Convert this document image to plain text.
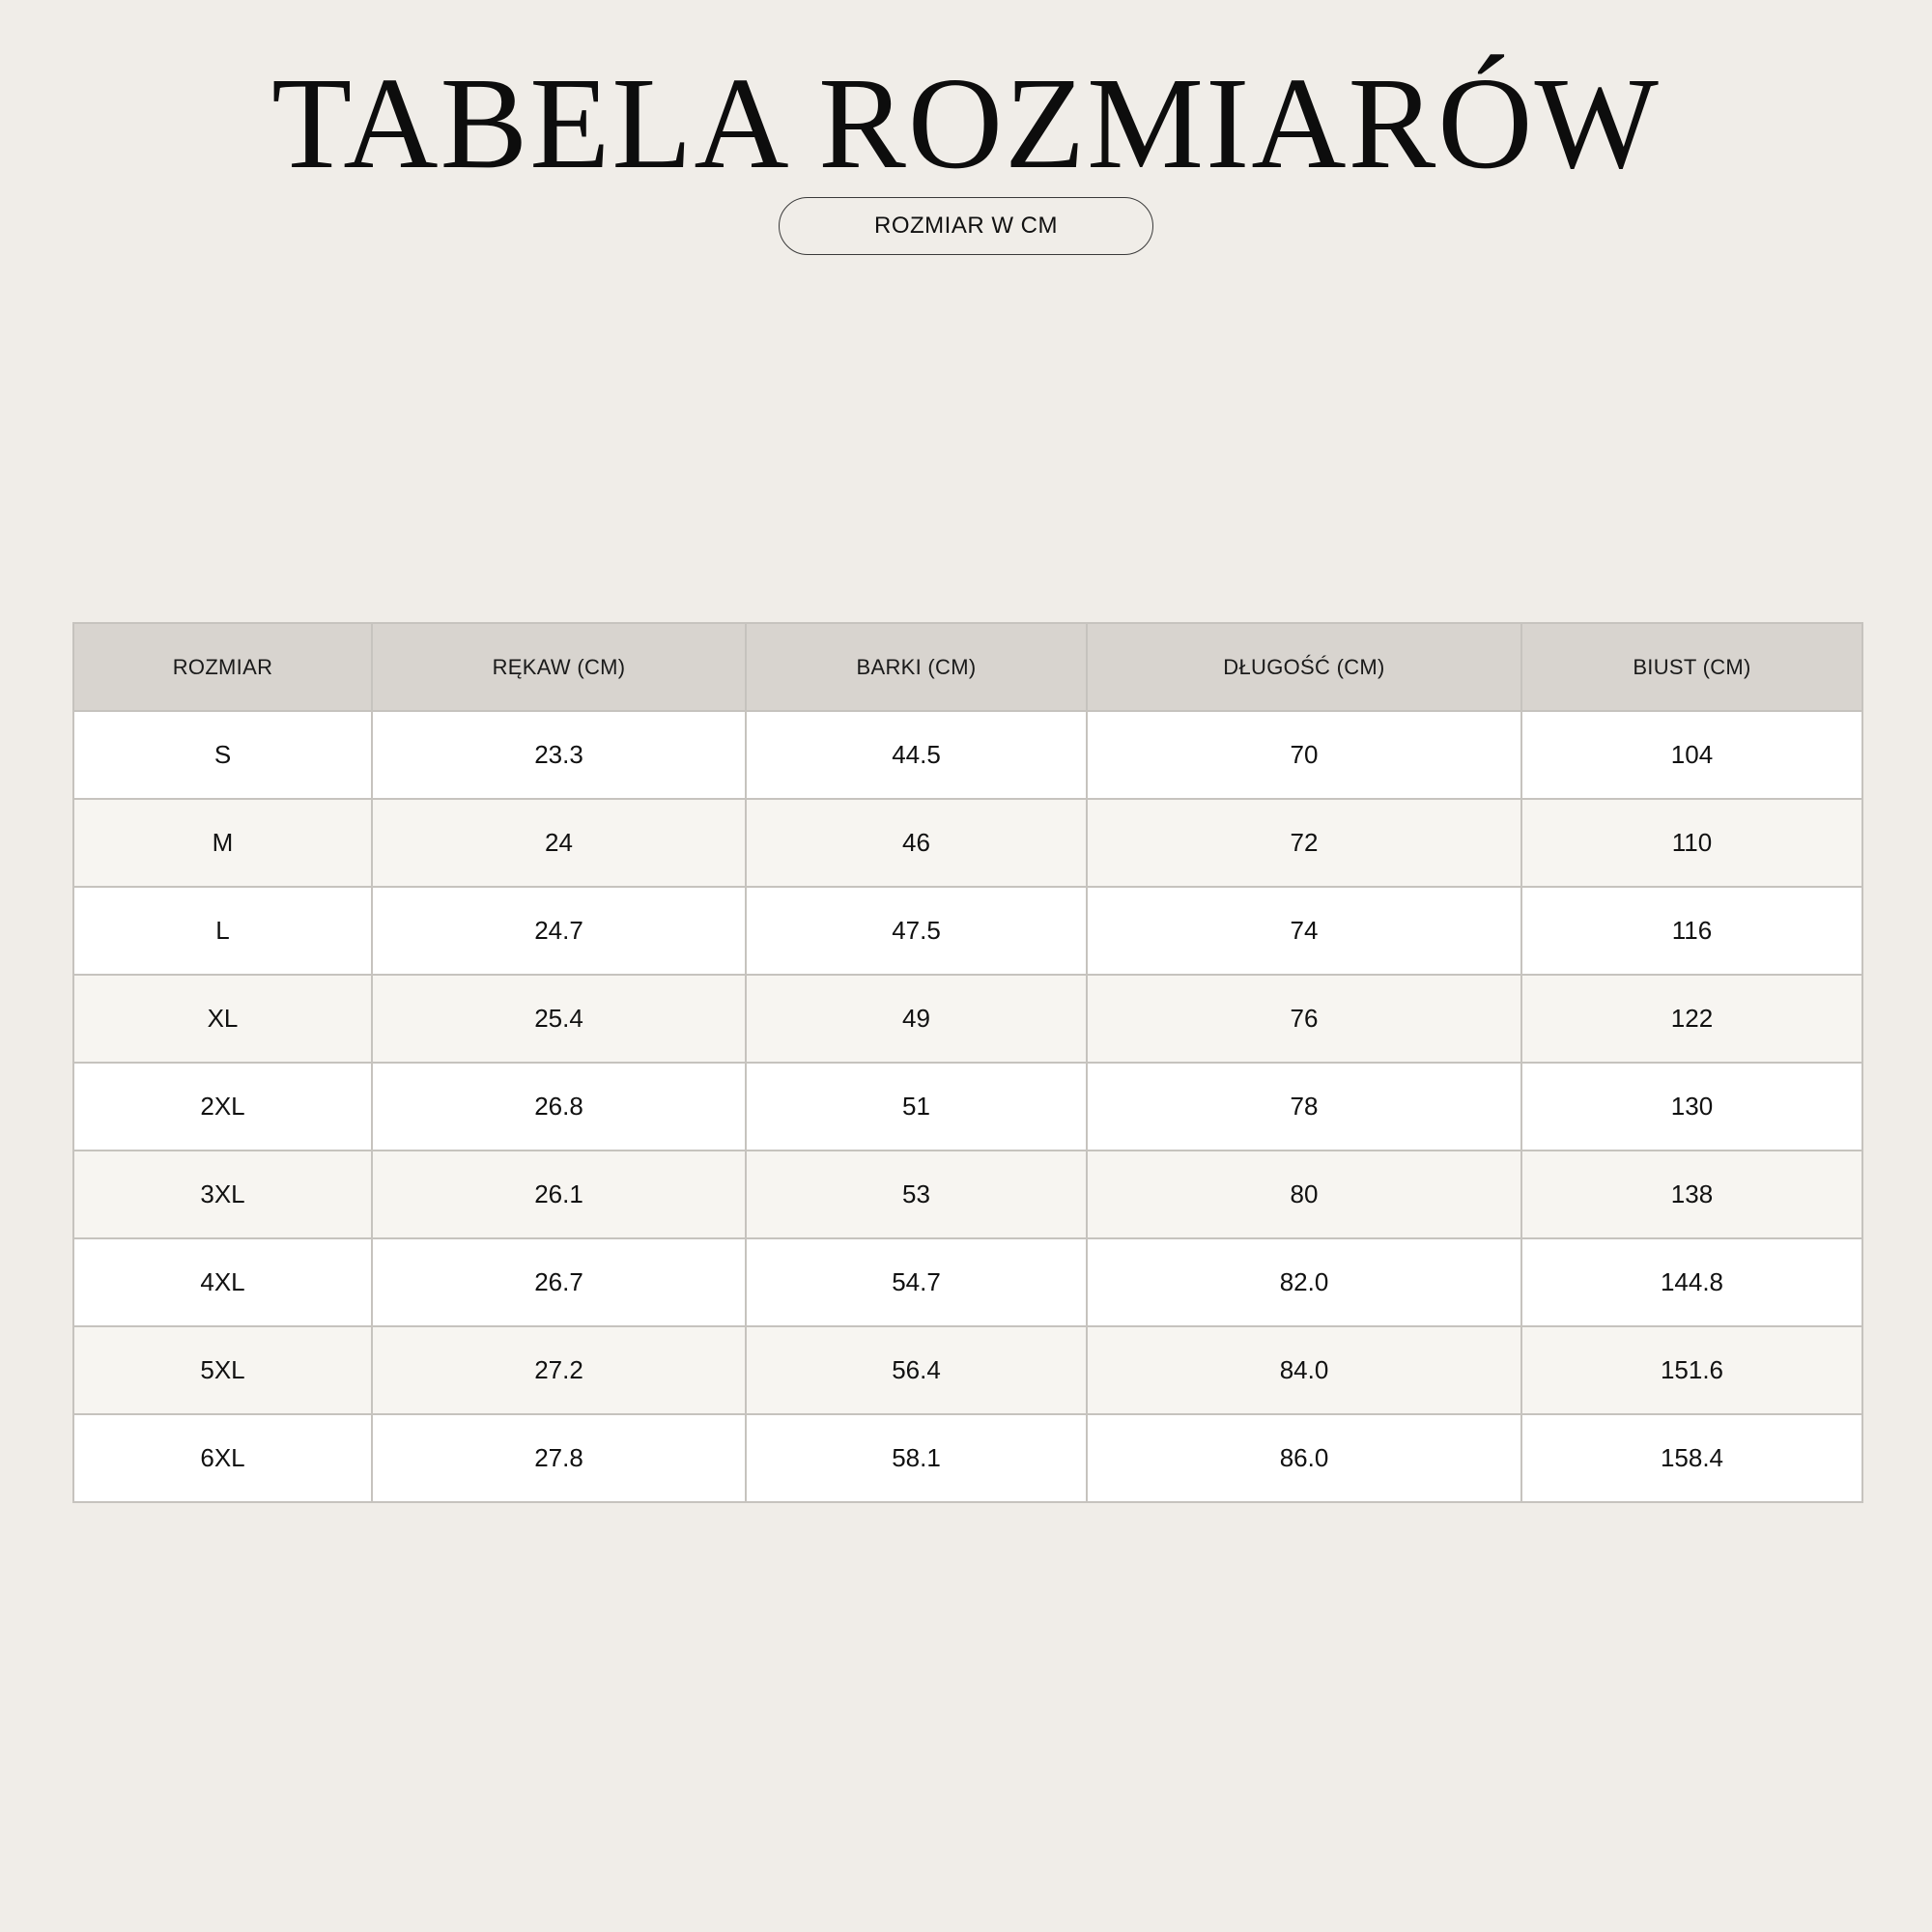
TABELA ROZMIARÓW
ROZMIAR W CM
ROZMIAR	RĘKAW (CM)	BARKI (CM)	DŁUGOŚĆ (CM)	BIUST (CM)
S	23.3	44.5	70	104
M	24	46	72	110
L	24.7	47.5	74	116
XL	25.4	49	76	122
2XL	26.8	51	78	130
3XL	26.1	53	80	138
4XL	26.7	54.7	82.0	144.8
5XL	27.2	56.4	84.0	151.6
6XL	27.8	58.1	86.0	158.4
